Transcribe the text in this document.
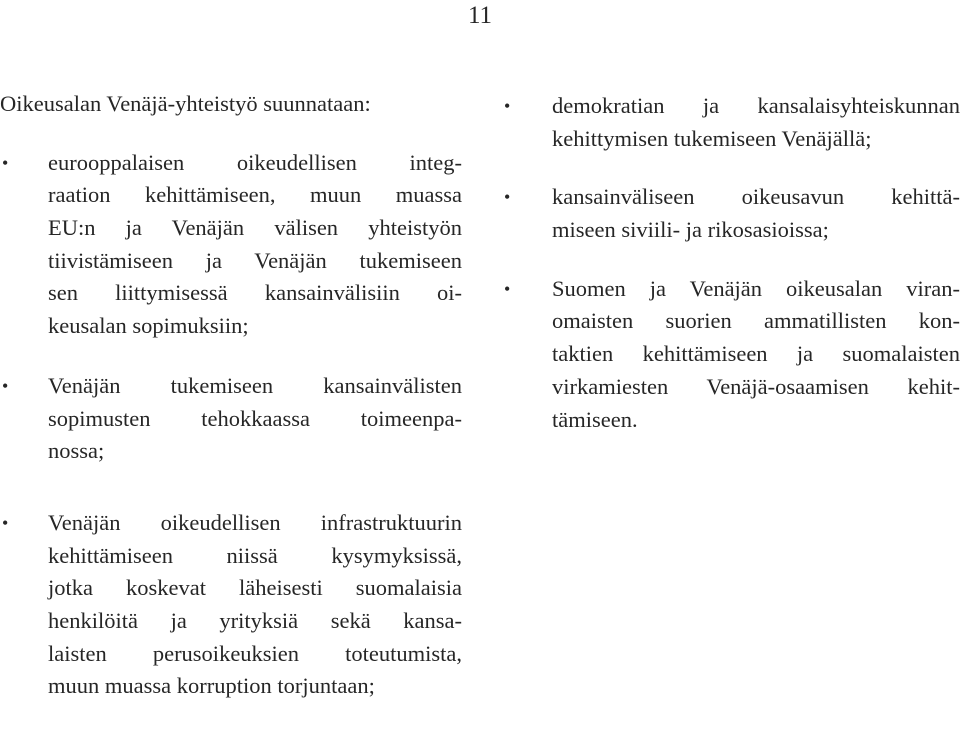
11
Oikeusalan Venäjä-yhteistyö suunnataan:
• eurooppalaisen oikeudellisen integ-
raation kehittämiseen, muun muassa
EU:n ja Venäjän välisen yhteistyön
tiivistämiseen ja Venäjän tukemiseen
sen liittymisessä kansainvälisiin oi-
keusalan sopimuksiin;
• Venäjän tukemiseen kansainvälisten
sopimusten tehokkaassa toimeenpa-
nossa;
• Venäjän oikeudellisen infrastruktuurin
kehittämiseen niissä kysymyksissä,
jotka koskevat läheisesti suomalaisia
henkilöitä ja yrityksiä sekä kansa-
laisten perusoikeuksien toteutumista,
muun muassa korruption torjuntaan;
• demokratian ja kansalaisyhteiskunnan
kehittymisen tukemiseen Venäjällä;
• kansainväliseen oikeusavun kehittä-
miseen siviili- ja rikosasioissa;
• Suomen ja Venäjän oikeusalan viran-
omaisten suorien ammatillisten kon-
taktien kehittämiseen ja suomalaisten
virkamiesten Venäjä-osaamisen kehit-
tämiseen.
